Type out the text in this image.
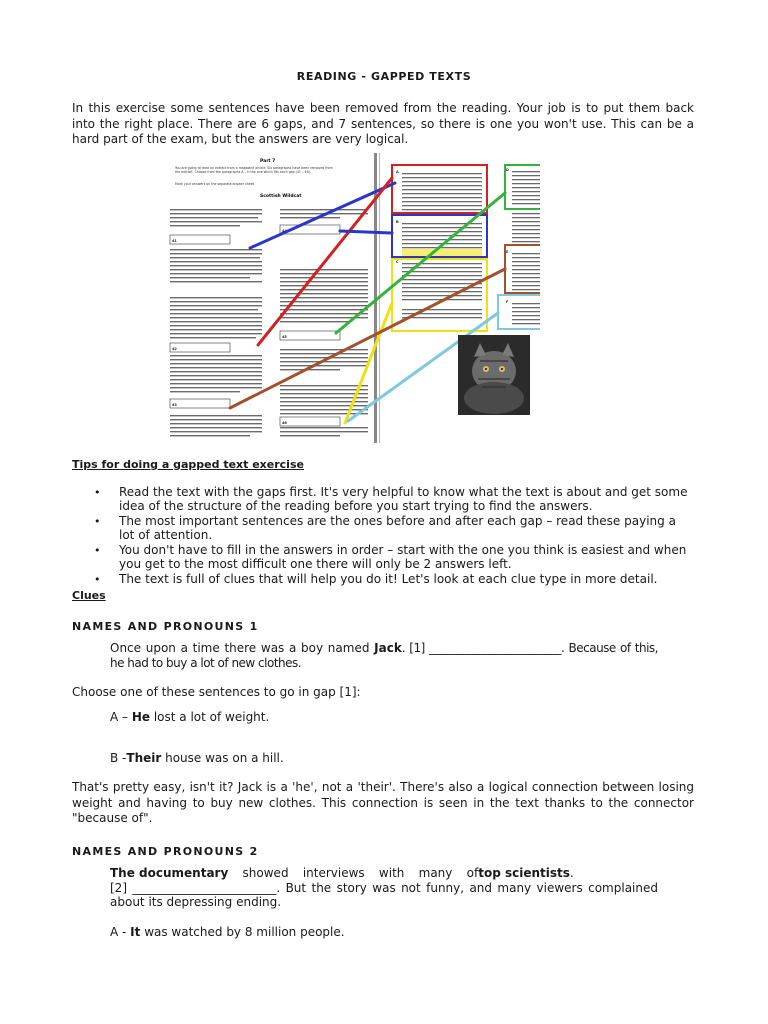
READING - GAPPED TEXTS
In this exercise some sentences have been removed from the reading. Your job is to put them back into the right place. There are 6 gaps, and 7 sentences, so there is one you won't use. This can be a hard part of the exam, but the answers are very logical.
Part 7
You are going to read an extract from a magazine article. Six paragraphs have been removed from the extract. Choose from the paragraphs A – H the one which fits each gap (41 – 46).
Mark your answers on the separate answer sheet.
Scottish Wildcat
41
42
43
44
45
46
A
B
C
D
E
F
Tips for doing a gapped text exercise
• Read the text with the gaps first. It's very helpful to know what the text is about and get some idea of the structure of the reading before you start trying to find the answers.
• The most important sentences are the ones before and after each gap – read these paying a lot of attention.
• You don't have to fill in the answers in order – start with the one you think is easiest and when you get to the most difficult one there will only be 2 answers left.
• The text is full of clues that will help you do it! Let's look at each clue type in more detail.
Clues
NAMES AND PRONOUNS 1
Once upon a time there was a boy named Jack. [1] ________________________. Because of this, he had to buy a lot of new clothes.
Choose one of these sentences to go in gap [1]:
A – He lost a lot of weight.
B -Their house was on a hill.
That's pretty easy, isn't it? Jack is a 'he', not a 'their'. There's also a logical connection between losing weight and having to buy new clothes. This connection is seen in the text thanks to the connector "because of".
NAMES AND PRONOUNS 2
The documentary showed interviews with many oftop scientists.
[2] ________________________. But the story was not funny, and many viewers complained about its depressing ending.
A - It was watched by 8 million people.
